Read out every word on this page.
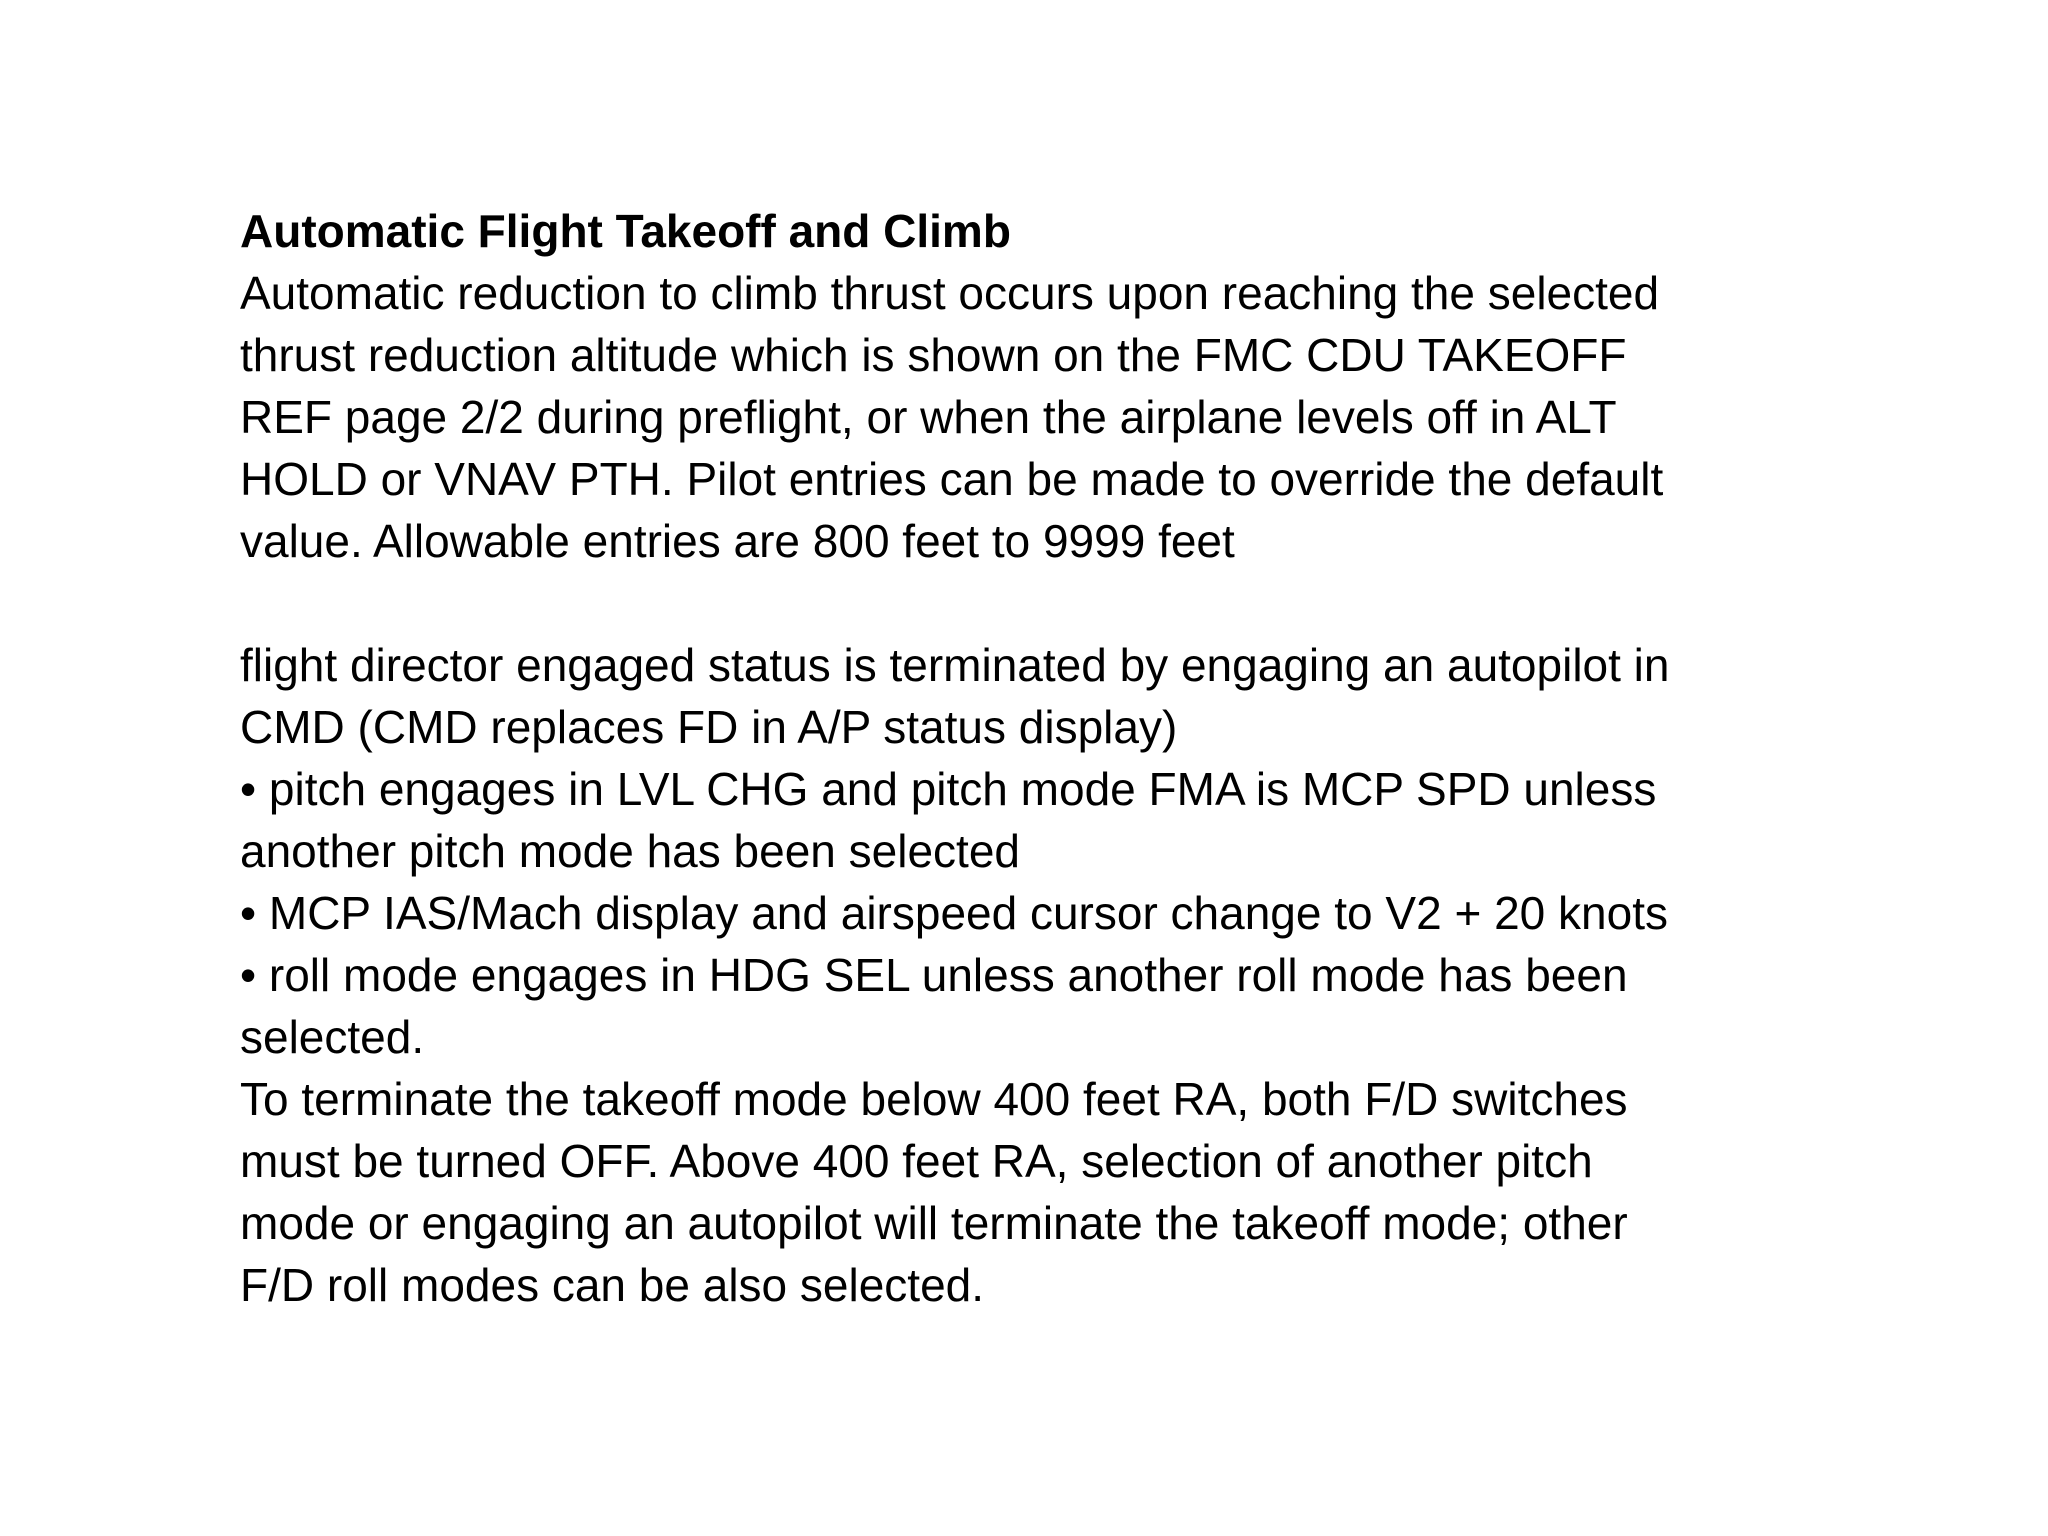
Automatic Flight Takeoff and Climb
Automatic reduction to climb thrust occurs upon reaching the selected
thrust reduction altitude which is shown on the FMC CDU TAKEOFF
REF page 2/2 during preflight, or when the airplane levels off in ALT
HOLD or VNAV PTH. Pilot entries can be made to override the default
value. Allowable entries are 800 feet to 9999 feet
flight director engaged status is terminated by engaging an autopilot in
CMD (CMD replaces FD in A/P status display)
• pitch engages in LVL CHG and pitch mode FMA is MCP SPD unless
another pitch mode has been selected
• MCP IAS/Mach display and airspeed cursor change to V2 + 20 knots
• roll mode engages in HDG SEL unless another roll mode has been
selected.
To terminate the takeoff mode below 400 feet RA, both F/D switches
must be turned OFF. Above 400 feet RA, selection of another pitch
mode or engaging an autopilot will terminate the takeoff mode; other
F/D roll modes can be also selected.
